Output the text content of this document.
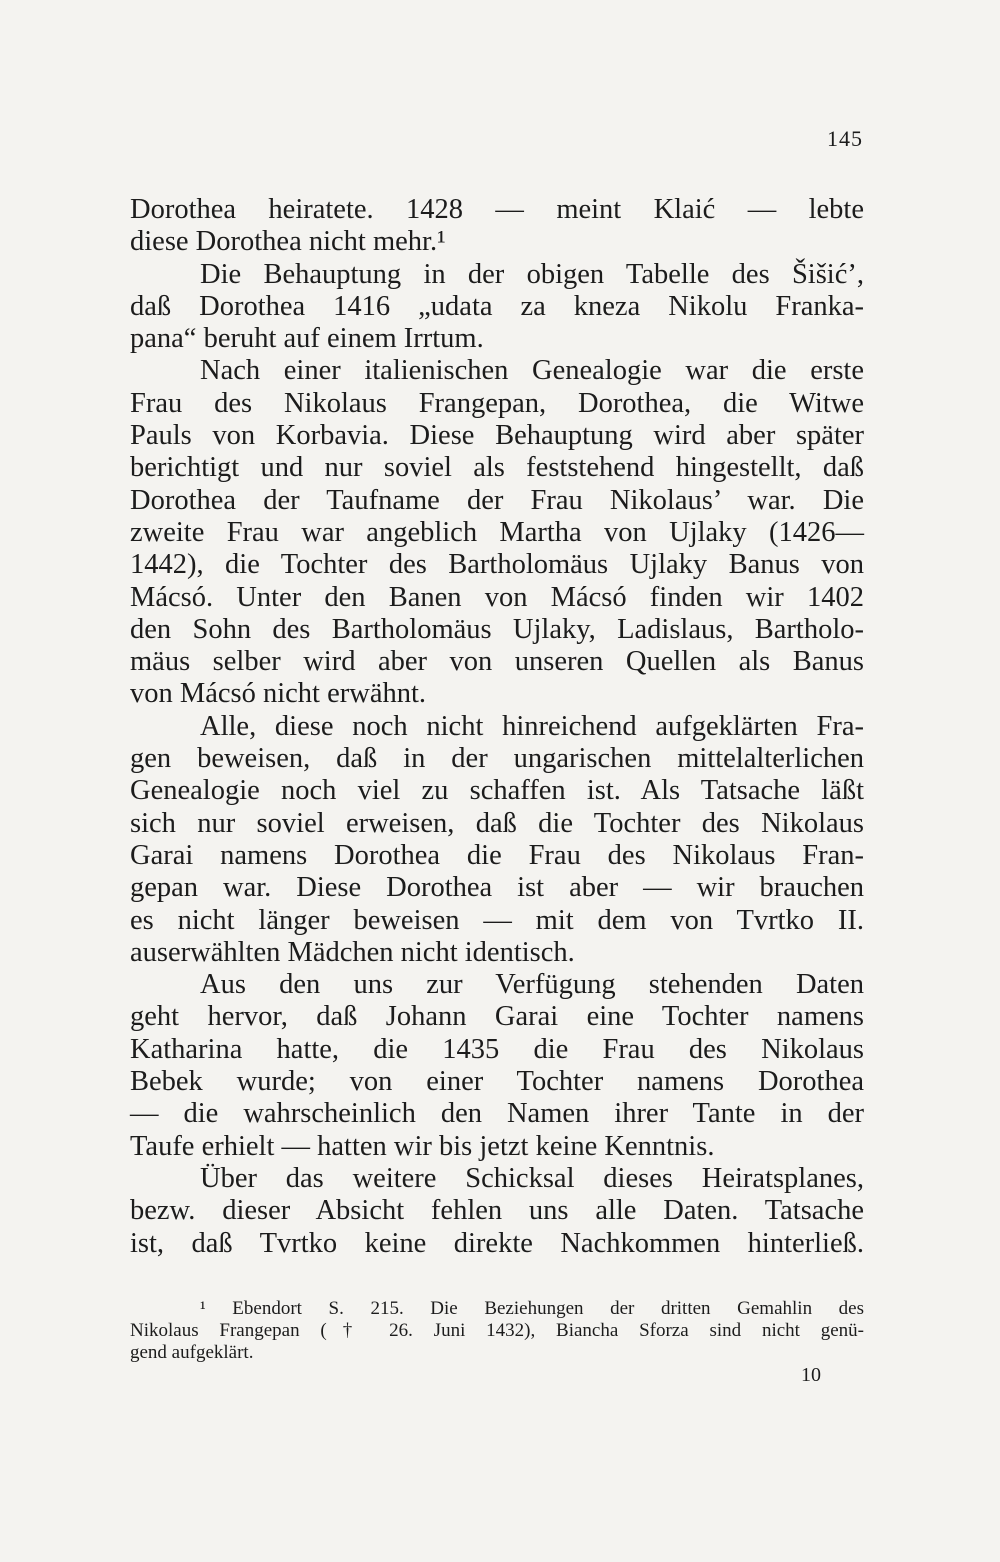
145
Dorothea heiratete. 1428 — meint Klaić — lebte
diese Dorothea nicht mehr.¹
Die Behauptung in der obigen Tabelle des Šišić’,
daß Dorothea 1416 „udata za kneza Nikolu Franka-
pana“ beruht auf einem Irrtum.
Nach einer italienischen Genealogie war die erste
Frau des Nikolaus Frangepan, Dorothea, die Witwe
Pauls von Korbavia. Diese Behauptung wird aber später
berichtigt und nur soviel als feststehend hingestellt, daß
Dorothea der Taufname der Frau Nikolaus’ war. Die
zweite Frau war angeblich Martha von Ujlaky (1426—
1442), die Tochter des Bartholomäus Ujlaky Banus von
Mácsó. Unter den Banen von Mácsó finden wir 1402
den Sohn des Bartholomäus Ujlaky, Ladislaus, Bartholo-
mäus selber wird aber von unseren Quellen als Banus
von Mácsó nicht erwähnt.
Alle, diese noch nicht hinreichend aufgeklärten Fra-
gen beweisen, daß in der ungarischen mittelalterlichen
Genealogie noch viel zu schaffen ist. Als Tatsache läßt
sich nur soviel erweisen, daß die Tochter des Nikolaus
Garai namens Dorothea die Frau des Nikolaus Fran-
gepan war. Diese Dorothea ist aber — wir brauchen
es nicht länger beweisen — mit dem von Tvrtko II.
auserwählten Mädchen nicht identisch.
Aus den uns zur Verfügung stehenden Daten
geht hervor, daß Johann Garai eine Tochter namens
Katharina hatte, die 1435 die Frau des Nikolaus
Bebek wurde; von einer Tochter namens Dorothea
— die wahrscheinlich den Namen ihrer Tante in der
Taufe erhielt — hatten wir bis jetzt keine Kenntnis.
Über das weitere Schicksal dieses Heiratsplanes,
bezw. dieser Absicht fehlen uns alle Daten. Tatsache
ist, daß Tvrtko keine direkte Nachkommen hinterließ.
¹ Ebendort S. 215. Die Beziehungen der dritten Gemahlin des
Nikolaus Frangepan († 26. Juni 1432), Biancha Sforza sind nicht genü-
gend aufgeklärt.
10
